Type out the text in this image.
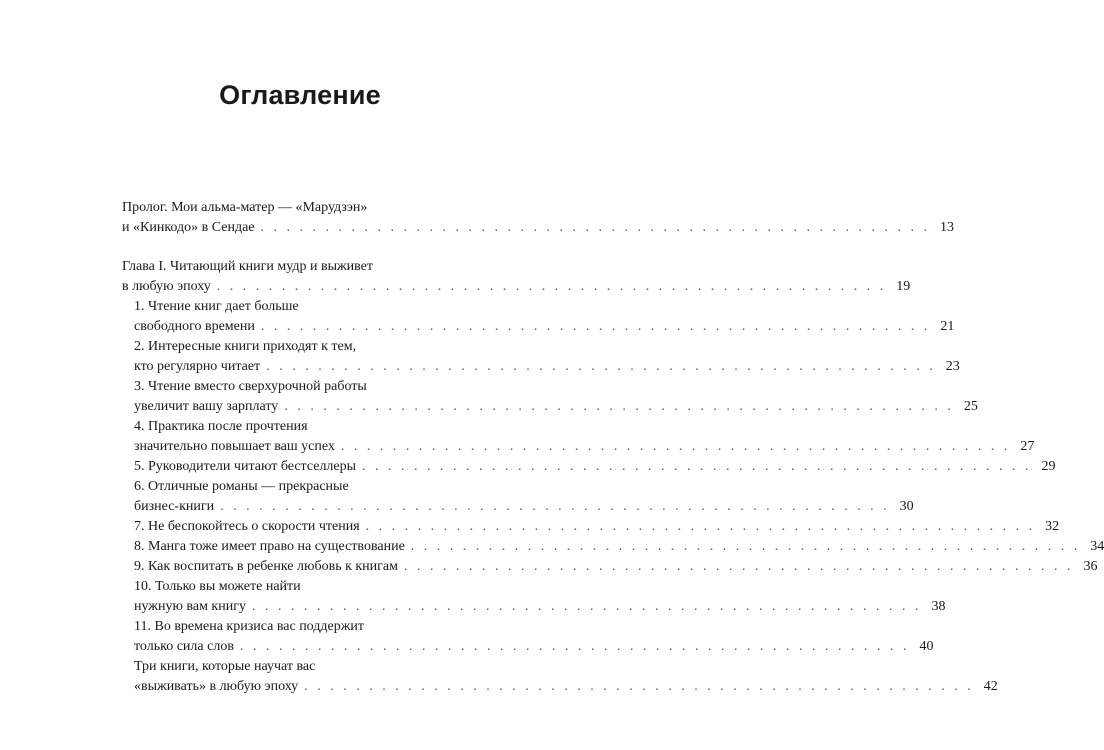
Оглавление
Пролог. Мои альма-матер — «Марудзэн»
и «Кинкодо» в Сендае . . . . . . . . . . . . . . . . . . . . . . . . . . . . . . . . . . . . . . . . . . . . . . . . . . . . 13
Глава I. Читающий книги мудр и выживет
в любую эпоху . . . . . . . . . . . . . . . . . . . . . . . . . . . . . . . . . . . . . . . . . . . . . . . . . . . . 19
1. Чтение книг дает больше
свободного времени . . . . . . . . . . . . . . . . . . . . . . . . . . . . . . . . . . . . . . . . . . . . . . . . . . . . 21
2. Интересные книги приходят к тем,
кто регулярно читает . . . . . . . . . . . . . . . . . . . . . . . . . . . . . . . . . . . . . . . . . . . . . . . . . . . . 23
3. Чтение вместо сверхурочной работы
увеличит вашу зарплату . . . . . . . . . . . . . . . . . . . . . . . . . . . . . . . . . . . . . . . . . . . . . . . . . . . . 25
4. Практика после прочтения
значительно повышает ваш успех . . . . . . . . . . . . . . . . . . . . . . . . . . . . . . . . . . . . . . . . . . . . . . . . . . . . 27
5. Руководители читают бестселлеры . . . . . . . . . . . . . . . . . . . . . . . . . . . . . . . . . . . . . . . . . . . . . . . . . . . . 29
6. Отличные романы — прекрасные
бизнес-книги . . . . . . . . . . . . . . . . . . . . . . . . . . . . . . . . . . . . . . . . . . . . . . . . . . . . 30
7. Не беспокойтесь о скорости чтения . . . . . . . . . . . . . . . . . . . . . . . . . . . . . . . . . . . . . . . . . . . . . . . . . . . . 32
8. Манга тоже имеет право на существование . . . . . . . . . . . . . . . . . . . . . . . . . . . . . . . . . . . . . . . . . . . . . . . . . . . . 34
9. Как воспитать в ребенке любовь к книгам . . . . . . . . . . . . . . . . . . . . . . . . . . . . . . . . . . . . . . . . . . . . . . . . . . . . 36
10. Только вы можете найти
нужную вам книгу . . . . . . . . . . . . . . . . . . . . . . . . . . . . . . . . . . . . . . . . . . . . . . . . . . . . 38
11. Во времена кризиса вас поддержит
только сила слов . . . . . . . . . . . . . . . . . . . . . . . . . . . . . . . . . . . . . . . . . . . . . . . . . . . . 40
Три книги, которые научат вас
«выживать» в любую эпоху . . . . . . . . . . . . . . . . . . . . . . . . . . . . . . . . . . . . . . . . . . . . . . . . . . . . 42
